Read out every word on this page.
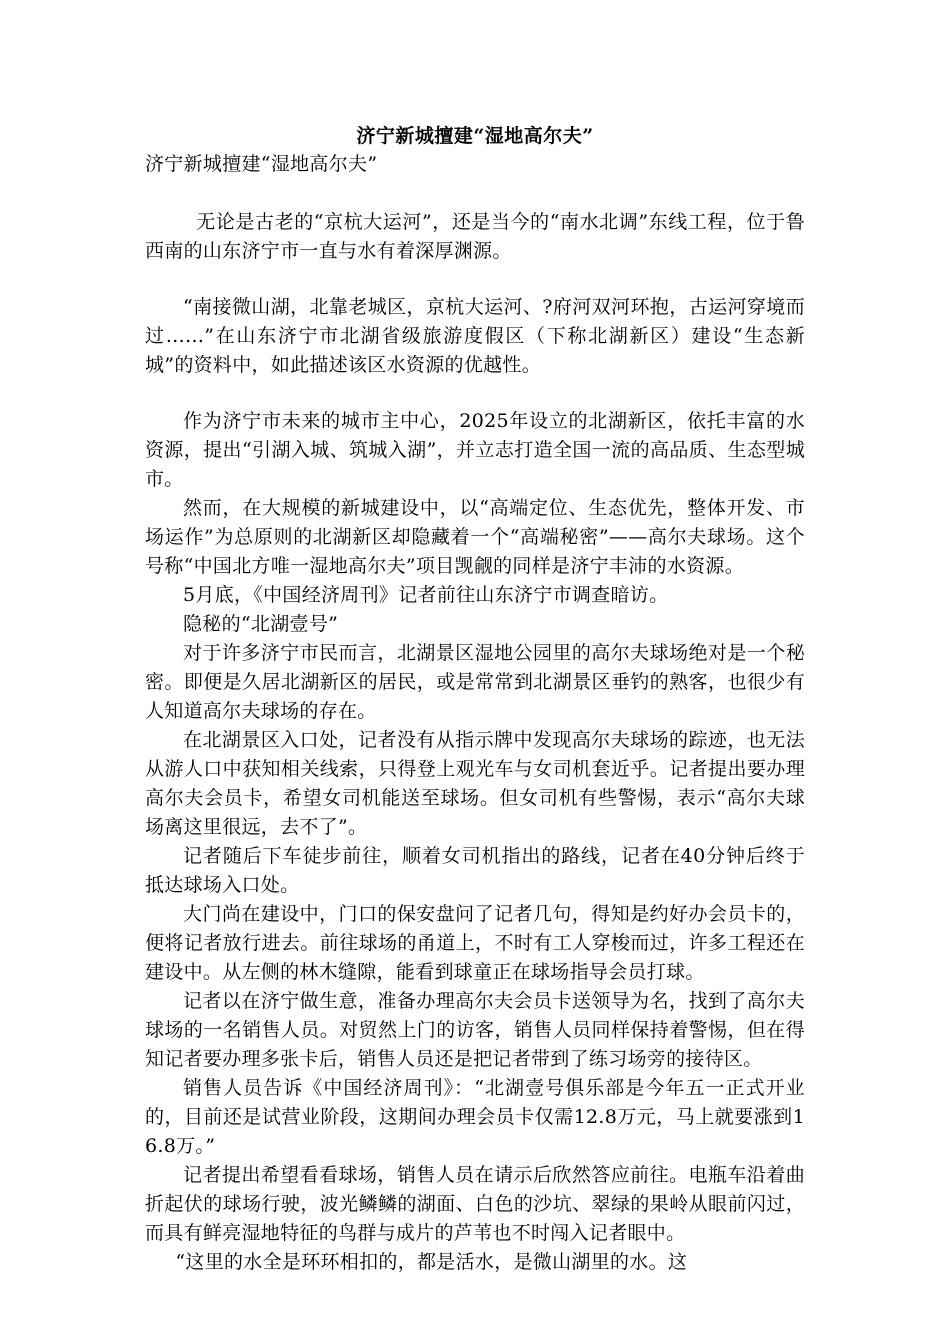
济宁新城擅建“湿地高尔夫”

济宁新城擅建“湿地高尔夫”

无论是古老的“京杭大运河”，还是当今的“南水北调”东线工程，位于鲁西南的山东济宁市一直与水有着深厚渊源。

“南接微山湖，北靠老城区，京杭大运河、?府河双河环抱，古运河穿境而过……”在山东济宁市北湖省级旅游度假区（下称北湖新区）建设“生态新城”的资料中，如此描述该区水资源的优越性。

作为济宁市未来的城市主中心，2025年设立的北湖新区，依托丰富的水资源，提出“引湖入城、筑城入湖”，并立志打造全国一流的高品质、生态型城市。

然而，在大规模的新城建设中，以“高端定位、生态优先，整体开发、市场运作”为总原则的北湖新区却隐藏着一个“高端秘密”——高尔夫球场。这个号称“中国北方唯一湿地高尔夫”项目觊觎的同样是济宁丰沛的水资源。

5月底，《中国经济周刊》记者前往山东济宁市调查暗访。

隐秘的“北湖壹号”

对于许多济宁市民而言，北湖景区湿地公园里的高尔夫球场绝对是一个秘密。即便是久居北湖新区的居民，或是常常到北湖景区垂钓的熟客，也很少有人知道高尔夫球场的存在。

在北湖景区入口处，记者没有从指示牌中发现高尔夫球场的踪迹，也无法从游人口中获知相关线索，只得登上观光车与女司机套近乎。记者提出要办理高尔夫会员卡，希望女司机能送至球场。但女司机有些警惕，表示“高尔夫球场离这里很远，去不了”。

记者随后下车徒步前往，顺着女司机指出的路线，记者在40分钟后终于抵达球场入口处。

大门尚在建设中，门口的保安盘问了记者几句，得知是约好办会员卡的，便将记者放行进去。前往球场的甬道上，不时有工人穿梭而过，许多工程还在建设中。从左侧的林木缝隙，能看到球童正在球场指导会员打球。

记者以在济宁做生意，准备办理高尔夫会员卡送领导为名，找到了高尔夫球场的一名销售人员。对贸然上门的访客，销售人员同样保持着警惕，但在得知记者要办理多张卡后，销售人员还是把记者带到了练习场旁的接待区。

销售人员告诉《中国经济周刊》：“北湖壹号俱乐部是今年五一正式开业的，目前还是试营业阶段，这期间办理会员卡仅需12.8万元，马上就要涨到16.8万。”

记者提出希望看看球场，销售人员在请示后欣然答应前往。电瓶车沿着曲折起伏的球场行驶，波光鳞鳞的湖面、白色的沙坑、翠绿的果岭从眼前闪过，而具有鲜亮湿地特征的鸟群与成片的芦苇也不时闯入记者眼中。

“这里的水全是环环相扣的，都是活水，是微山湖里的水。这
